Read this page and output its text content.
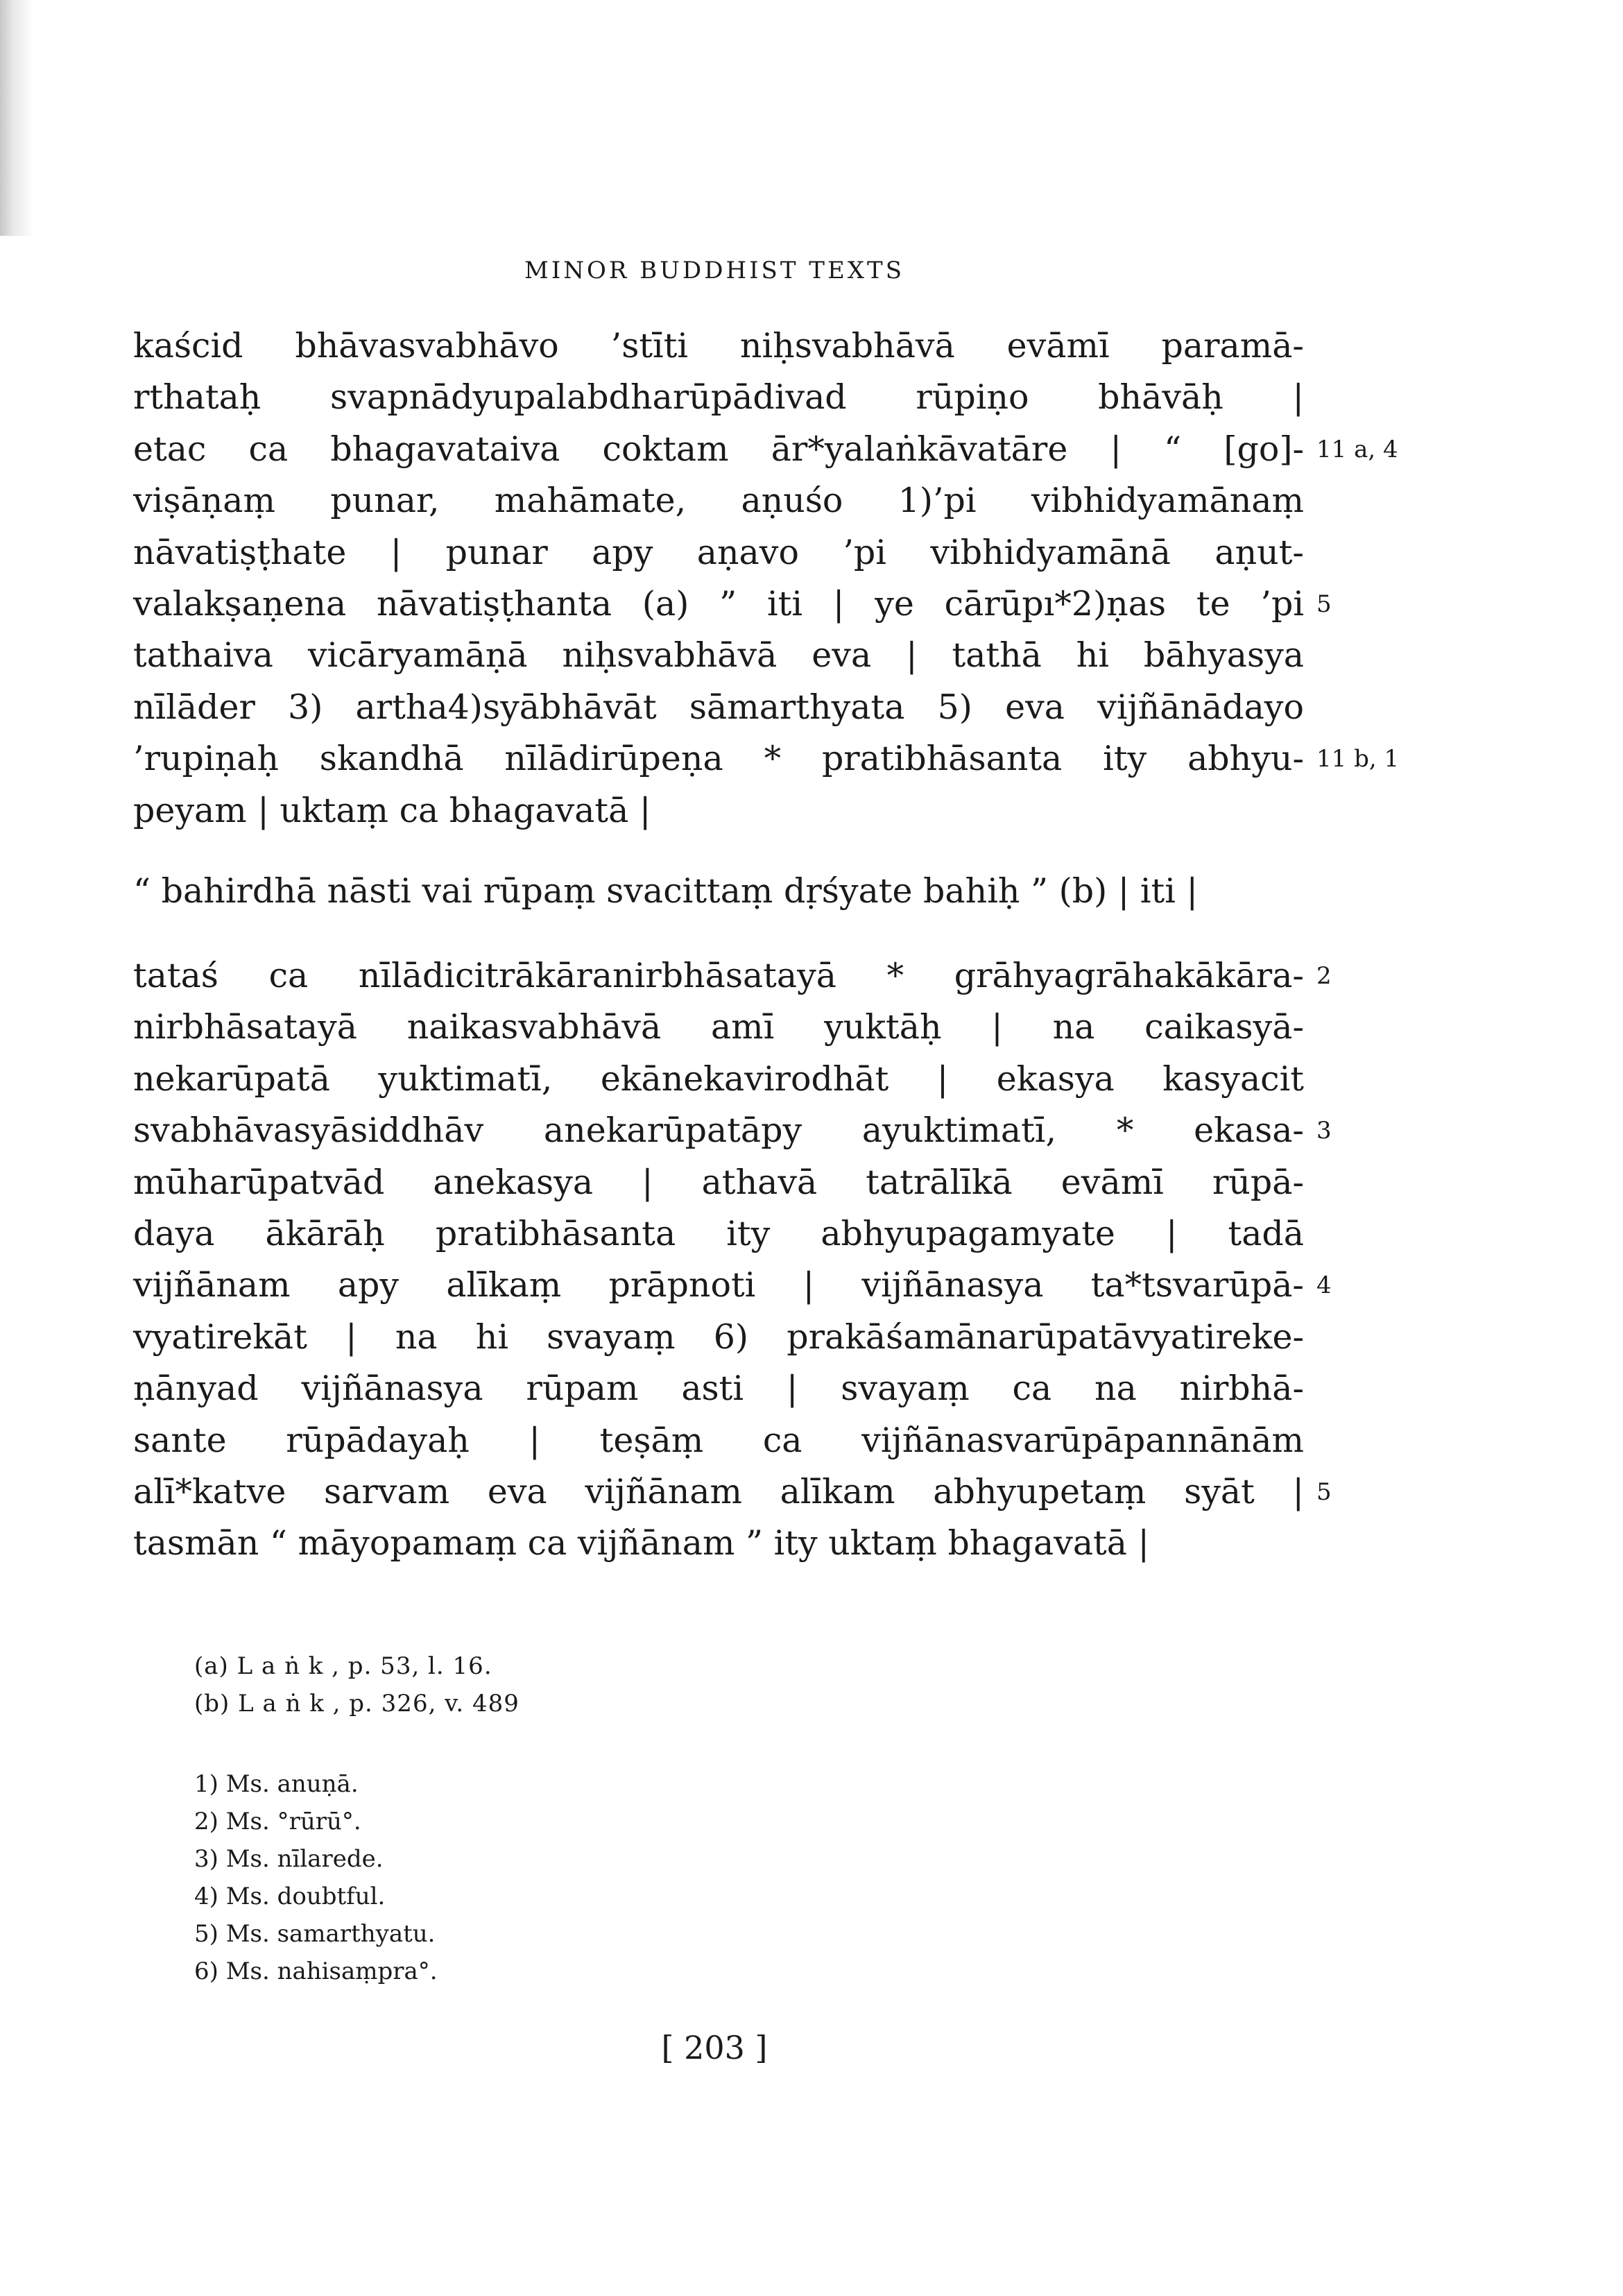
MINOR BUDDHIST TEXTS
kaścid bhāvasvabhāvo ’stīti niḥsvabhāvā evāmī paramā-
rthataḥ svapnādyupalabdharūpādivad rūpiṇo bhāvāḥ |
etac ca bhagavataiva coktam ār*yalaṅkāvatāre | “ [go]-
viṣāṇaṃ punar, mahāmate, aṇuśo 1)’pi vibhidyamānaṃ
nāvatiṣṭhate | punar apy aṇavo ’pi vibhidyamānā aṇut-
valakṣaṇena nāvatiṣṭhanta (a) ” iti | ye cārūpı*2)ṇas te ’pi
tathaiva vicāryamāṇā niḥsvabhāvā eva | tathā hi bāhyasya
nīlāder 3) artha4)syābhāvāt sāmarthyata 5) eva vijñānādayo
’rupiṇaḥ skandhā nīlādirūpeṇa * pratibhāsanta ity abhyu-
peyam | uktaṃ ca bhagavatā |
11 a, 4
5
11 b, 1
“ bahirdhā nāsti vai rūpaṃ svacittaṃ dṛśyate bahiḥ ” (b) | iti |
tataś ca nīlādicitrākāranirbhāsatayā * grāhyagrāhakākāra-
nirbhāsatayā naikasvabhāvā amī yuktāḥ | na caikasyā-
nekarūpatā yuktimatī, ekānekavirodhāt | ekasya kasyacit
svabhāvasyāsiddhāv anekarūpatāpy ayuktimatī, * ekasa-
mūharūpatvād anekasya | athavā tatrālīkā evāmī rūpā-
daya ākārāḥ pratibhāsanta ity abhyupagamyate | tadā
vijñānam apy alīkaṃ prāpnoti | vijñānasya ta*tsvarūpā-
vyatirekāt | na hi svayaṃ 6) prakāśamānarūpatāvyatireke-
ṇānyad vijñānasya rūpam asti | svayaṃ ca na nirbhā-
sante rūpādayaḥ | teṣāṃ ca vijñānasvarūpāpannānām
alī*katve sarvam eva vijñānam alīkam abhyupetaṃ syāt |
tasmān “ māyopamaṃ ca vijñānam ” ity uktaṃ bhagavatā |
2
3
4
5
(a) L a ṅ k , p. 53, l. 16.
(b) L a ṅ k , p. 326, v. 489
1) Ms. anuṇā.
2) Ms. °rūrū°.
3) Ms. nīlarede.
4) Ms. doubtful.
5) Ms. samarthyatu.
6) Ms. nahisaṃpra°.
[ 203 ]
